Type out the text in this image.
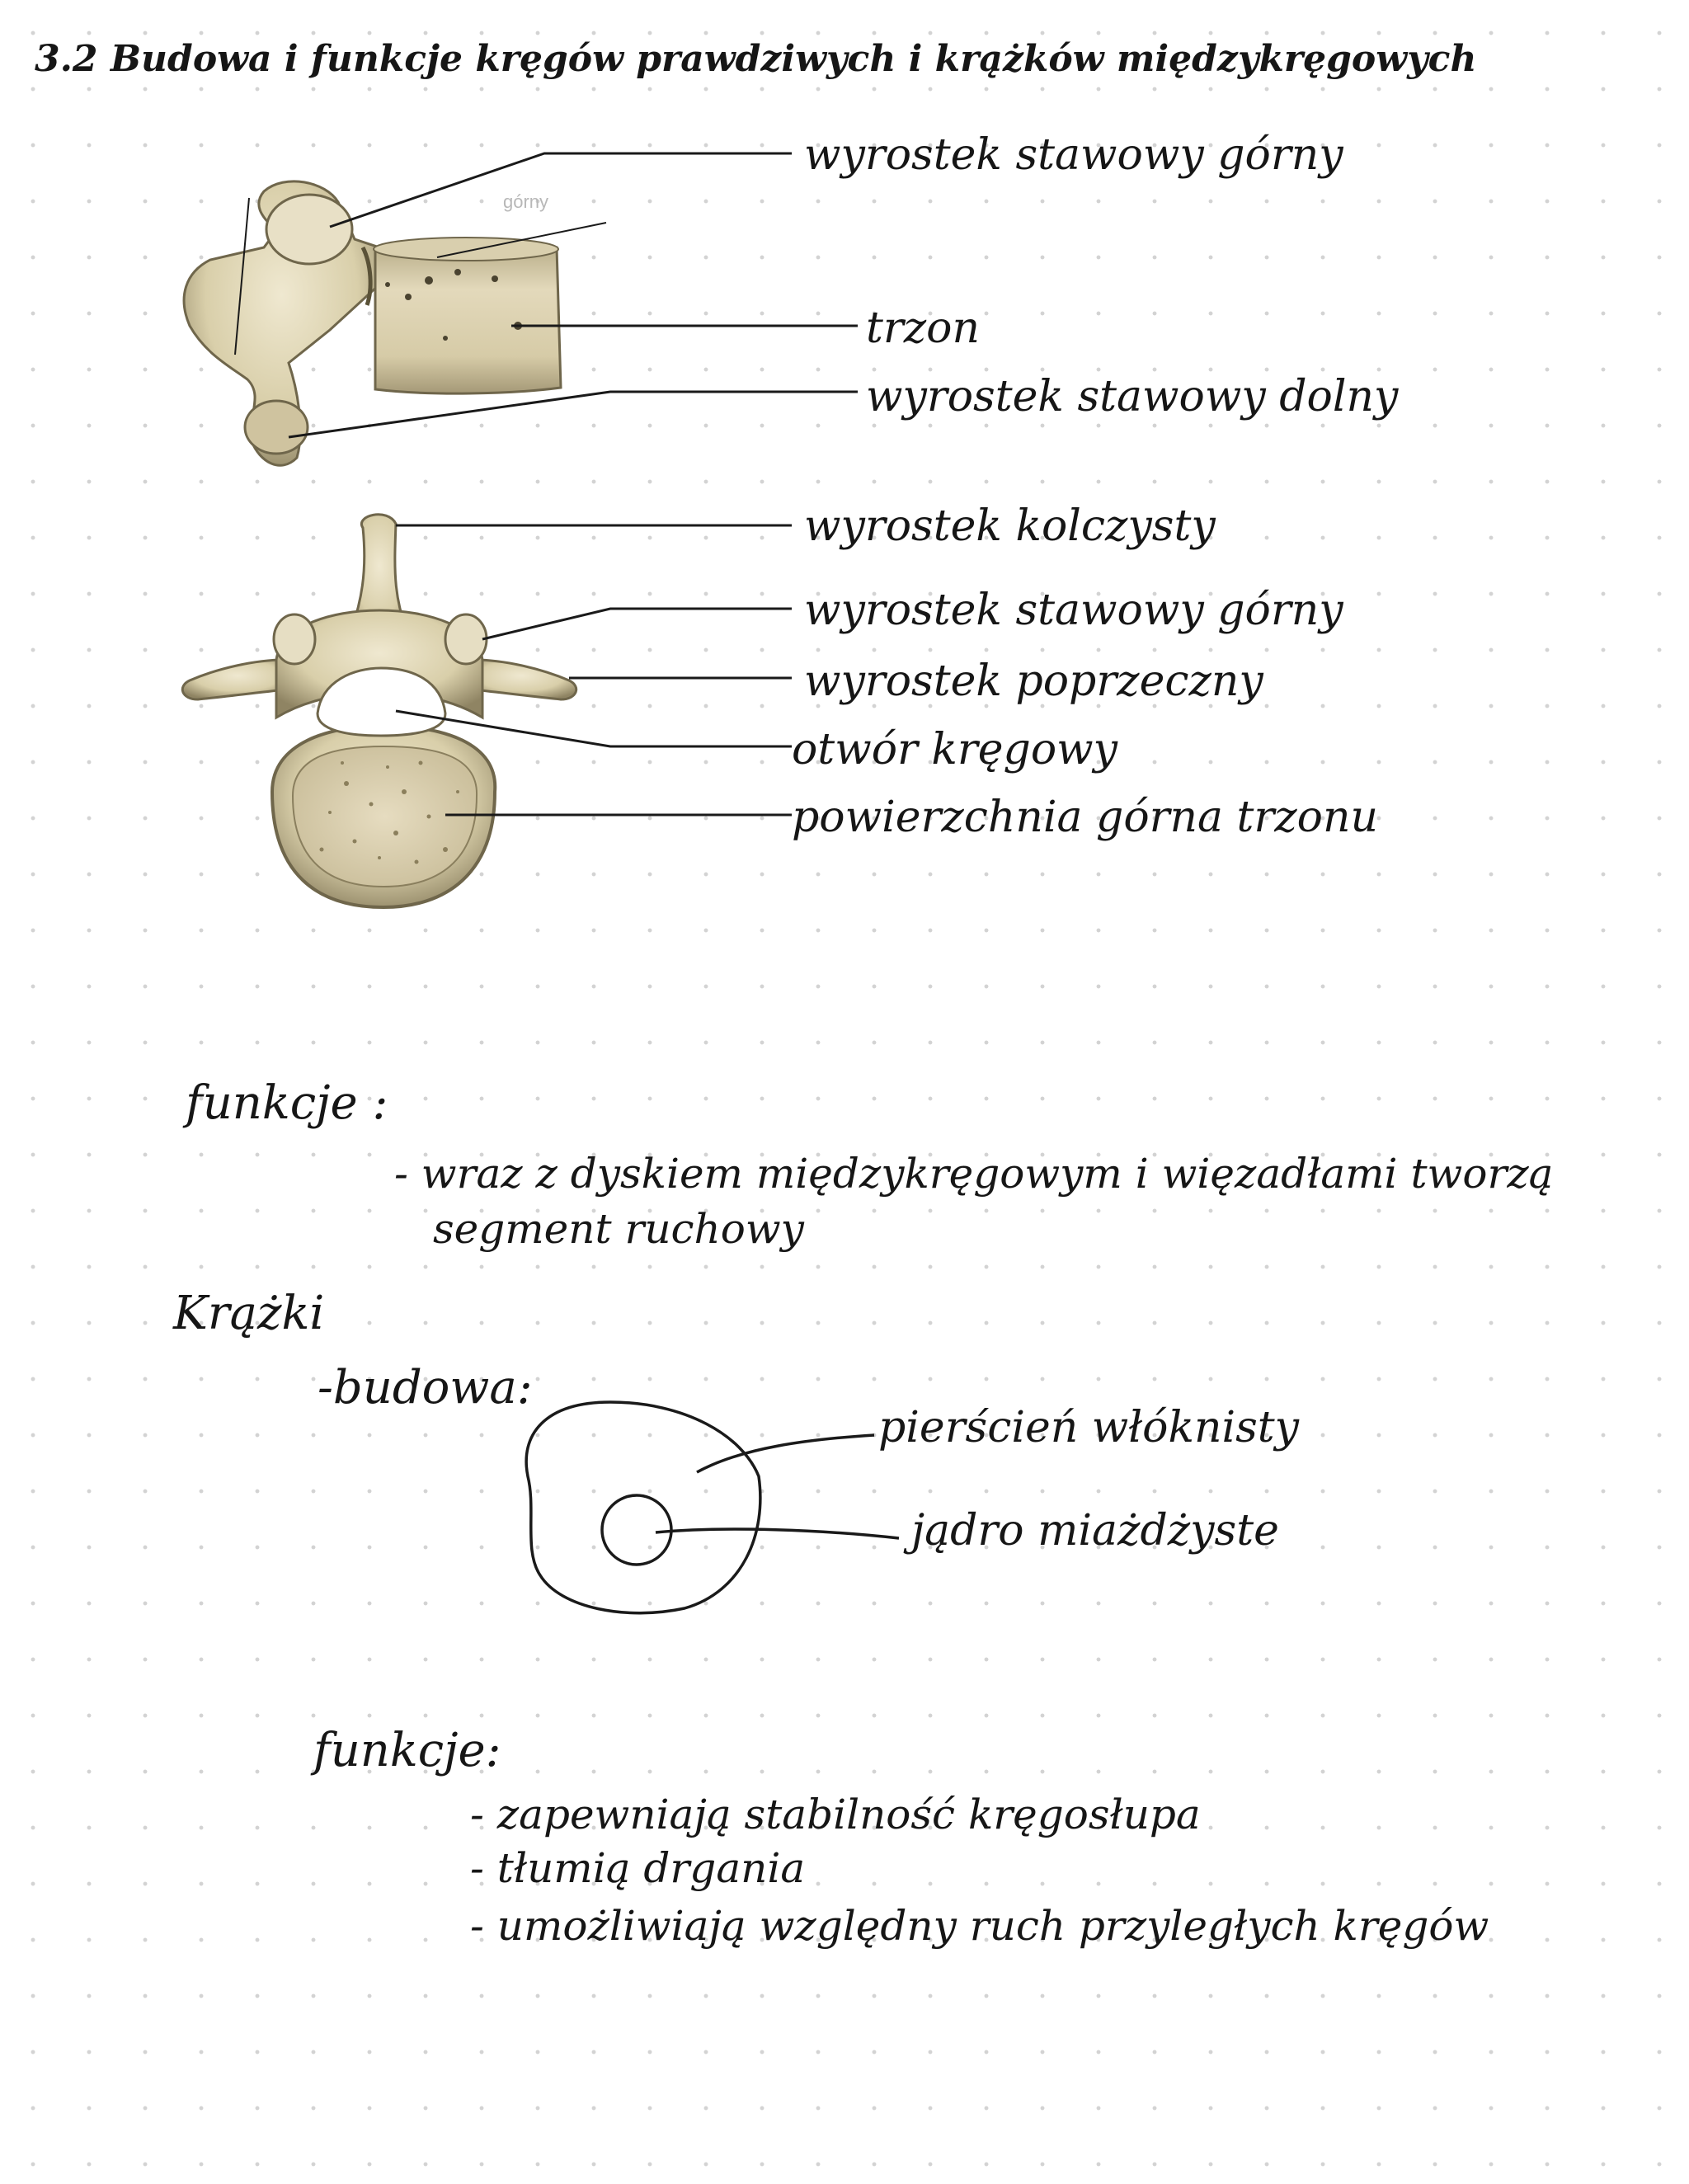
3.2 Budowa i funkcje kręgów prawdziwych i krążków międzykręgowych
górny
wyrostek stawowy górny
trzon
wyrostek stawowy dolny
wyrostek kolczysty
wyrostek stawowy górny
wyrostek poprzeczny
otwór kręgowy
powierzchnia górna trzonu
funkcje :
- wraz z dyskiem międzykręgowym i więzadłami tworzą
segment ruchowy
Krążki
-budowa:
pierścień włóknisty
jądro miażdżyste
funkcje:
- zapewniają stabilność kręgosłupa
- tłumią drgania
- umożliwiają względny ruch przyległych kręgów
